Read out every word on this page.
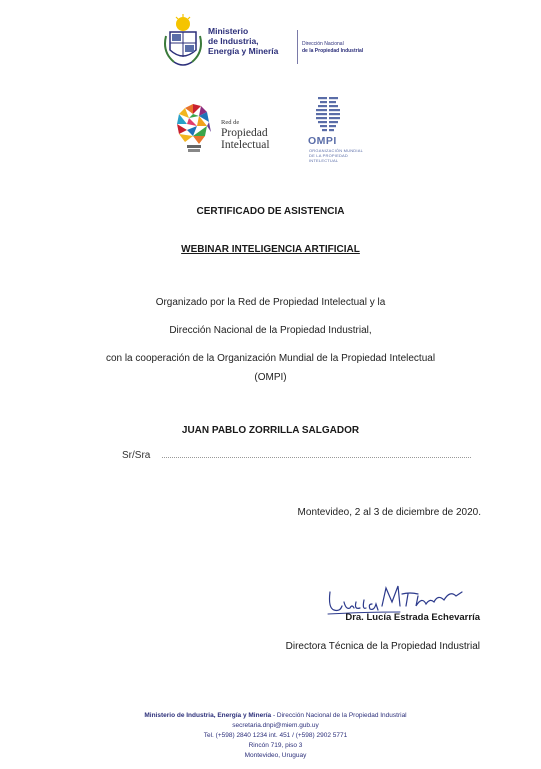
Ministerio
de Industria,
Energía y Minería
Dirección Nacional
de la Propiedad Industrial
Red de
Propiedad
Intelectual	OMPI
ORGANIZACIÓN MUNDIAL
DE LA PROPIEDAD
INTELECTUAL
CERTIFICADO DE ASISTENCIA
WEBINAR INTELIGENCIA ARTIFICIAL
Organizado por la Red de Propiedad Intelectual y la
Dirección Nacional de la Propiedad Industrial,
con la cooperación de la Organización Mundial de la Propiedad Intelectual
(OMPI)
JUAN PABLO ZORRILLA SALGADOR
Sr/Sra
Montevideo, 2 al 3 de diciembre de 2020.
Dra. Lucía Estrada Echevarría
Directora Técnica de la Propiedad Industrial
Ministerio de Industria, Energía y Minería - Dirección Nacional de la Propiedad Industrial
secretaria.dnpi@miem.gub.uy
Tel. (+598) 2840 1234 int. 451 / (+598) 2902 5771
Rincón 719, piso 3
Montevideo, Uruguay
